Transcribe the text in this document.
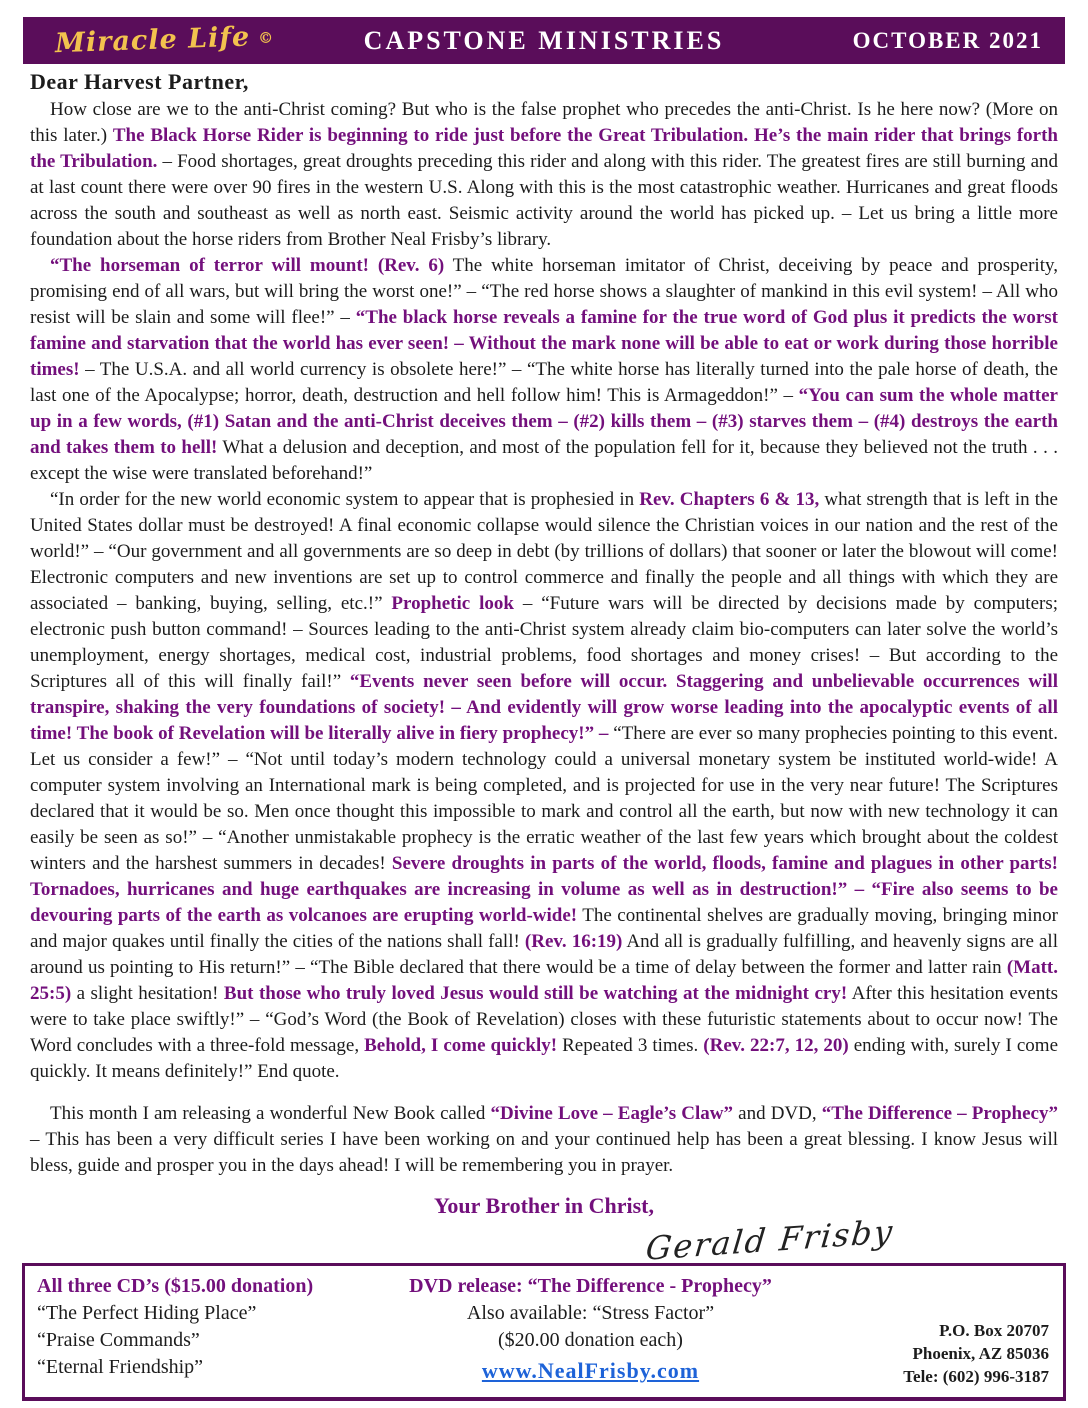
Miracle Life ©	CAPSTONE MINISTRIES	OCTOBER 2021
Dear Harvest Partner,

How close are we to the anti-Christ coming? But who is the false prophet who precedes the anti-Christ. Is he here now? (More on this later.) The Black Horse Rider is beginning to ride just before the Great Tribulation. He’s the main rider that brings forth the Tribulation. – Food shortages, great droughts preceding this rider and along with this rider. The greatest fires are still burning and at last count there were over 90 fires in the western U.S. Along with this is the most catastrophic weather. Hurricanes and great floods across the south and southeast as well as north east. Seismic activity around the world has picked up. – Let us bring a little more foundation about the horse riders from Brother Neal Frisby’s library.

“The horseman of terror will mount! (Rev. 6) The white horseman imitator of Christ, deceiving by peace and prosperity, promising end of all wars, but will bring the worst one!” – “The red horse shows a slaughter of mankind in this evil system! – All who resist will be slain and some will flee!” – “The black horse reveals a famine for the true word of God plus it predicts the worst famine and starvation that the world has ever seen! – Without the mark none will be able to eat or work during those horrible times! – The U.S.A. and all world currency is obsolete here!” – “The white horse has literally turned into the pale horse of death, the last one of the Apocalypse; horror, death, destruction and hell follow him! This is Armageddon!” – “You can sum the whole matter up in a few words, (#1) Satan and the anti-Christ deceives them – (#2) kills them – (#3) starves them – (#4) destroys the earth and takes them to hell! What a delusion and deception, and most of the population fell for it, because they believed not the truth . . . except the wise were translated beforehand!”

“In order for the new world economic system to appear that is prophesied in Rev. Chapters 6 & 13, what strength that is left in the United States dollar must be destroyed! A final economic collapse would silence the Christian voices in our nation and the rest of the world!” – “Our government and all governments are so deep in debt (by trillions of dollars) that sooner or later the blowout will come! Electronic computers and new inventions are set up to control commerce and finally the people and all things with which they are associated – banking, buying, selling, etc.!” Prophetic look – “Future wars will be directed by decisions made by computers; electronic push button command! – Sources leading to the anti-Christ system already claim bio-computers can later solve the world’s unemployment, energy shortages, medical cost, industrial problems, food shortages and money crises! – But according to the Scriptures all of this will finally fail!” “Events never seen before will occur. Staggering and unbelievable occurrences will transpire, shaking the very foundations of society! – And evidently will grow worse leading into the apocalyptic events of all time! The book of Revelation will be literally alive in fiery prophecy!” – “There are ever so many prophecies pointing to this event. Let us consider a few!” – “Not until today’s modern technology could a universal monetary system be instituted world-wide! A computer system involving an International mark is being completed, and is projected for use in the very near future! The Scriptures declared that it would be so. Men once thought this impossible to mark and control all the earth, but now with new technology it can easily be seen as so!” – “Another unmistakable prophecy is the erratic weather of the last few years which brought about the coldest winters and the harshest summers in decades! Severe droughts in parts of the world, floods, famine and plagues in other parts! Tornadoes, hurricanes and huge earthquakes are increasing in volume as well as in destruction!” – “Fire also seems to be devouring parts of the earth as volcanoes are erupting world-wide! The continental shelves are gradually moving, bringing minor and major quakes until finally the cities of the nations shall fall! (Rev. 16:19) And all is gradually fulfilling, and heavenly signs are all around us pointing to His return!” – “The Bible declared that there would be a time of delay between the former and latter rain (Matt. 25:5) a slight hesitation! But those who truly loved Jesus would still be watching at the midnight cry! After this hesitation events were to take place swiftly!” – “God’s Word (the Book of Revelation) closes with these futuristic statements about to occur now! The Word concludes with a three-fold message, Behold, I come quickly! Repeated 3 times. (Rev. 22:7, 12, 20) ending with, surely I come quickly. It means definitely!” End quote.

This month I am releasing a wonderful New Book called “Divine Love – Eagle’s Claw” and DVD, “The Difference – Prophecy” – This has been a very difficult series I have been working on and your continued help has been a great blessing. I know Jesus will bless, guide and prosper you in the days ahead! I will be remembering you in prayer.

Your Brother in Christ,
Gerald Frisby
All three CD’s ($15.00 donation)
“The Perfect Hiding Place”
“Praise Commands”
“Eternal Friendship”
DVD release: “The Difference - Prophecy”
Also available: “Stress Factor”
($20.00 donation each)
www.NealFrisby.com
P.O. Box 20707
Phoenix, AZ 85036
Tele: (602) 996-3187
